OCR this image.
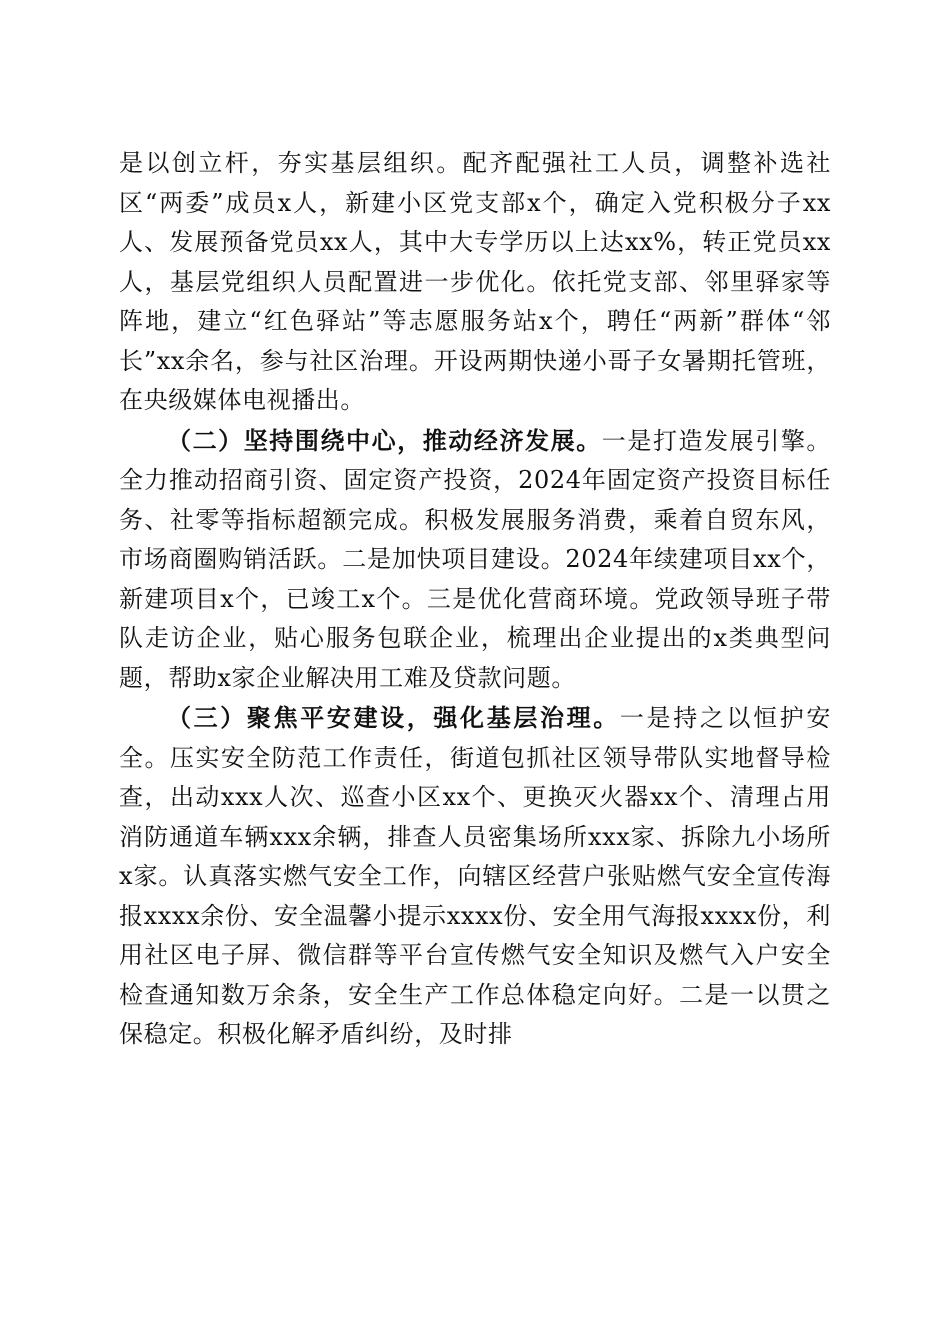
是以创立杆，夯实基层组织。配齐配强社工人员，调整补选社区“两委”成员x人，新建小区党支部x个，确定入党积极分子xx人、发展预备党员xx人，其中大专学历以上达xx%，转正党员xx人，基层党组织人员配置进一步优化。依托党支部、邻里驿家等阵地，建立“红色驿站”等志愿服务站x个，聘任“两新”群体“邻长”xx余名，参与社区治理。开设两期快递小哥子女暑期托管班，在央级媒体电视播出。

（二）坚持围绕中心，推动经济发展。一是打造发展引擎。全力推动招商引资、固定资产投资，2024年固定资产投资目标任务、社零等指标超额完成。积极发展服务消费，乘着自贸东风，市场商圈购销活跃。二是加快项目建设。2024年续建项目xx个，新建项目x个，已竣工x个。三是优化营商环境。党政领导班子带队走访企业，贴心服务包联企业，梳理出企业提出的x类典型问题，帮助x家企业解决用工难及贷款问题。

（三）聚焦平安建设，强化基层治理。一是持之以恒护安全。压实安全防范工作责任，街道包抓社区领导带队实地督导检查，出动xxx人次、巡查小区xx个、更换灭火器xx个、清理占用消防通道车辆xxx余辆，排查人员密集场所xxx家、拆除九小场所x家。认真落实燃气安全工作，向辖区经营户张贴燃气安全宣传海报xxxx余份、安全温馨小提示xxxx份、安全用气海报xxxx份，利用社区电子屏、微信群等平台宣传燃气安全知识及燃气入户安全检查通知数万余条，安全生产工作总体稳定向好。二是一以贯之保稳定。积极化解矛盾纠纷，及时排
